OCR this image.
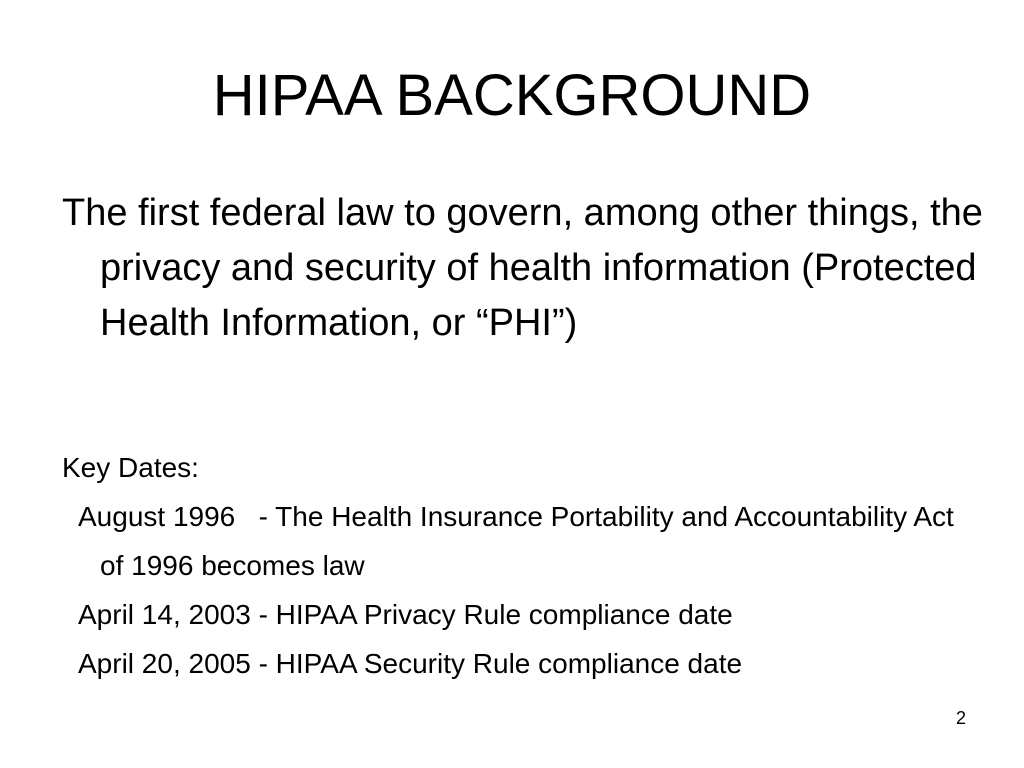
HIPAA BACKGROUND

The first federal law to govern, among other things, the privacy and security of health information (Protected Health Information, or “PHI”)

Key Dates:
August 1996   - The Health Insurance Portability and Accountability Act of 1996 becomes law
April 14, 2003 - HIPAA Privacy Rule compliance date
April 20, 2005 - HIPAA Security Rule compliance date
2
